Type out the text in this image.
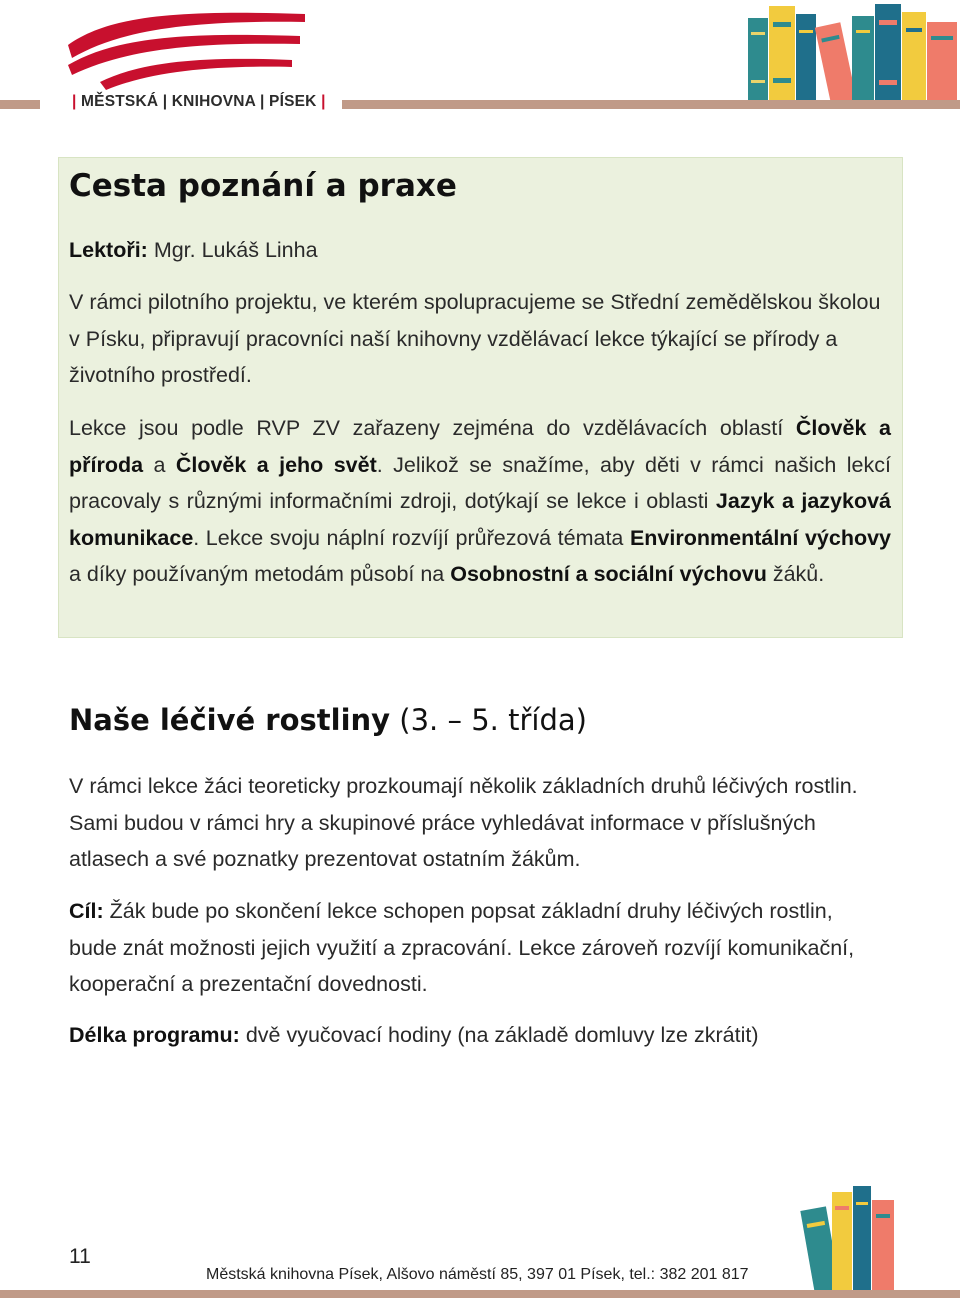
| MĚSTSKÁ | KNIHOVNA | PÍSEK |
Cesta poznání a praxe
Lektoři: Mgr. Lukáš Linha
V rámci pilotního projektu, ve kterém spolupracujeme se Střední zemědělskou školou v Písku, připravují pracovníci naší knihovny vzdělávací lekce týkající se přírody a životního prostředí.
Lekce jsou podle RVP ZV zařazeny zejména do vzdělávacích oblastí Člověk a příroda a Člověk a jeho svět. Jelikož se snažíme, aby děti v rámci našich lekcí pracovaly s různými informačními zdroji, dotýkají se lekce i oblasti Jazyk a jazyková komunikace. Lekce svoju náplní rozvíjí průřezová témata Environmentální výchovy a díky používaným metodám působí na Osobnostní a sociální výchovu žáků.
Naše léčivé rostliny (3. – 5. třída)
V rámci lekce žáci teoreticky prozkoumají několik základních druhů léčivých rostlin. Sami budou v rámci hry a skupinové práce vyhledávat informace v příslušných atlasech a své poznatky prezentovat ostatním žákům.
Cíl: Žák bude po skončení lekce schopen popsat základní druhy léčivých rostlin, bude znát možnosti jejich využití a zpracování. Lekce zároveň rozvíjí komunikační, kooperační a prezentační dovednosti.
Délka programu: dvě vyučovací hodiny (na základě domluvy lze zkrátit)
11
Městská knihovna Písek, Alšovo náměstí 85, 397 01 Písek, tel.: 382 201 817
